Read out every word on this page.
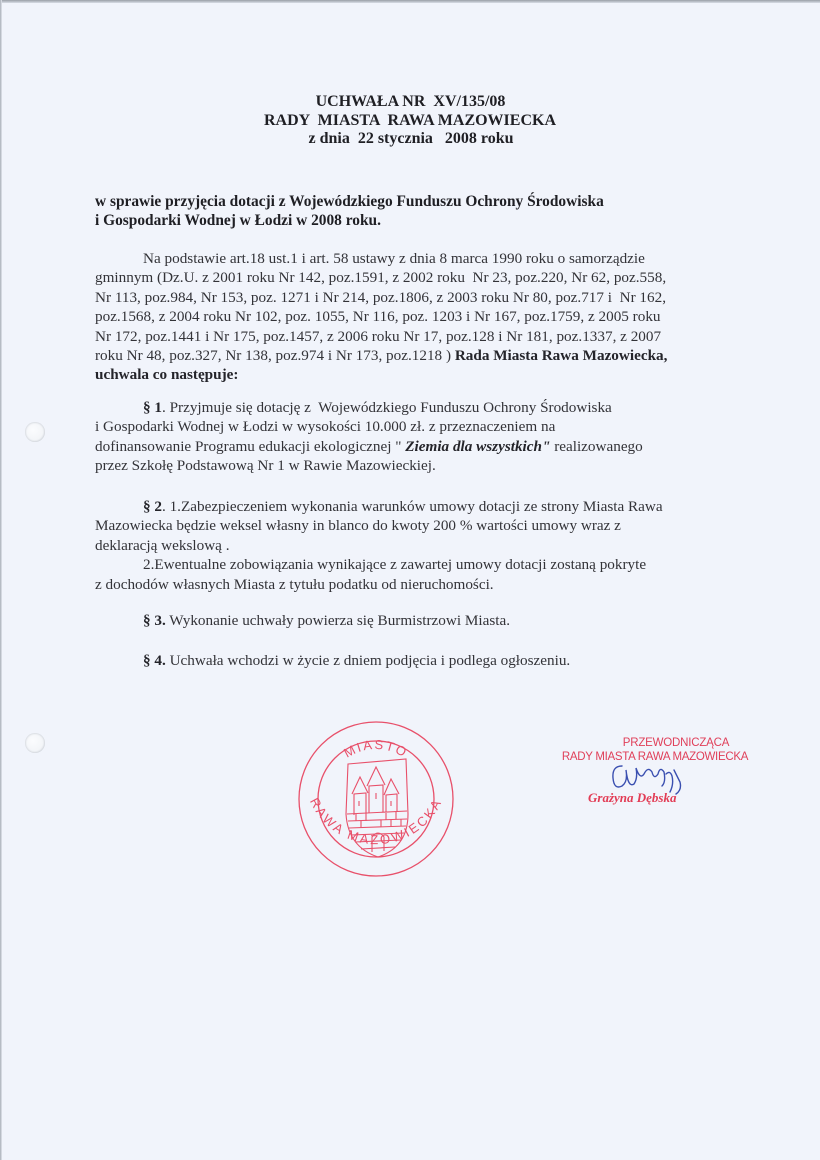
UCHWAŁA NR  XV/135/08
RADY  MIASTA  RAWA MAZOWIECKA
z dnia  22 stycznia   2008 roku
w sprawie przyjęcia dotacji z Wojewódzkiego Funduszu Ochrony Środowiska
i Gospodarki Wodnej w Łodzi w 2008 roku.
Na podstawie art.18 ust.1 i art. 58 ustawy z dnia 8 marca 1990 roku o samorządzie
gminnym (Dz.U. z 2001 roku Nr 142, poz.1591, z 2002 roku  Nr 23, poz.220, Nr 62, poz.558,
Nr 113, poz.984, Nr 153, poz. 1271 i Nr 214, poz.1806, z 2003 roku Nr 80, poz.717 i  Nr 162,
poz.1568, z 2004 roku Nr 102, poz. 1055, Nr 116, poz. 1203 i Nr 167, poz.1759, z 2005 roku
Nr 172, poz.1441 i Nr 175, poz.1457, z 2006 roku Nr 17, poz.128 i Nr 181, poz.1337, z 2007
roku Nr 48, poz.327, Nr 138, poz.974 i Nr 173, poz.1218 ) Rada Miasta Rawa Mazowiecka,
uchwala co następuje:
§ 1. Przyjmuje się dotację z  Wojewódzkiego Funduszu Ochrony Środowiska
i Gospodarki Wodnej w Łodzi w wysokości 10.000 zł. z przeznaczeniem na
dofinansowanie Programu edukacji ekologicznej " Ziemia dla wszystkich" realizowanego
przez Szkołę Podstawową Nr 1 w Rawie Mazowieckiej.
§ 2. 1.Zabezpieczeniem wykonania warunków umowy dotacji ze strony Miasta Rawa
Mazowiecka będzie weksel własny in blanco do kwoty 200 % wartości umowy wraz z
deklaracją wekslową .
2.Ewentualne zobowiązania wynikające z zawartej umowy dotacji zostaną pokryte
z dochodów własnych Miasta z tytułu podatku od nieruchomości.
§ 3. Wykonanie uchwały powierza się Burmistrzowi Miasta.
§ 4. Uchwała wchodzi w życie z dniem podjęcia i podlega ogłoszeniu.
MIASTO
RAWA MAZOWIECKA
PRZEWODNICZĄCA
RADY MIASTA RAWA MAZOWIECKA
Grażyna Dębska
